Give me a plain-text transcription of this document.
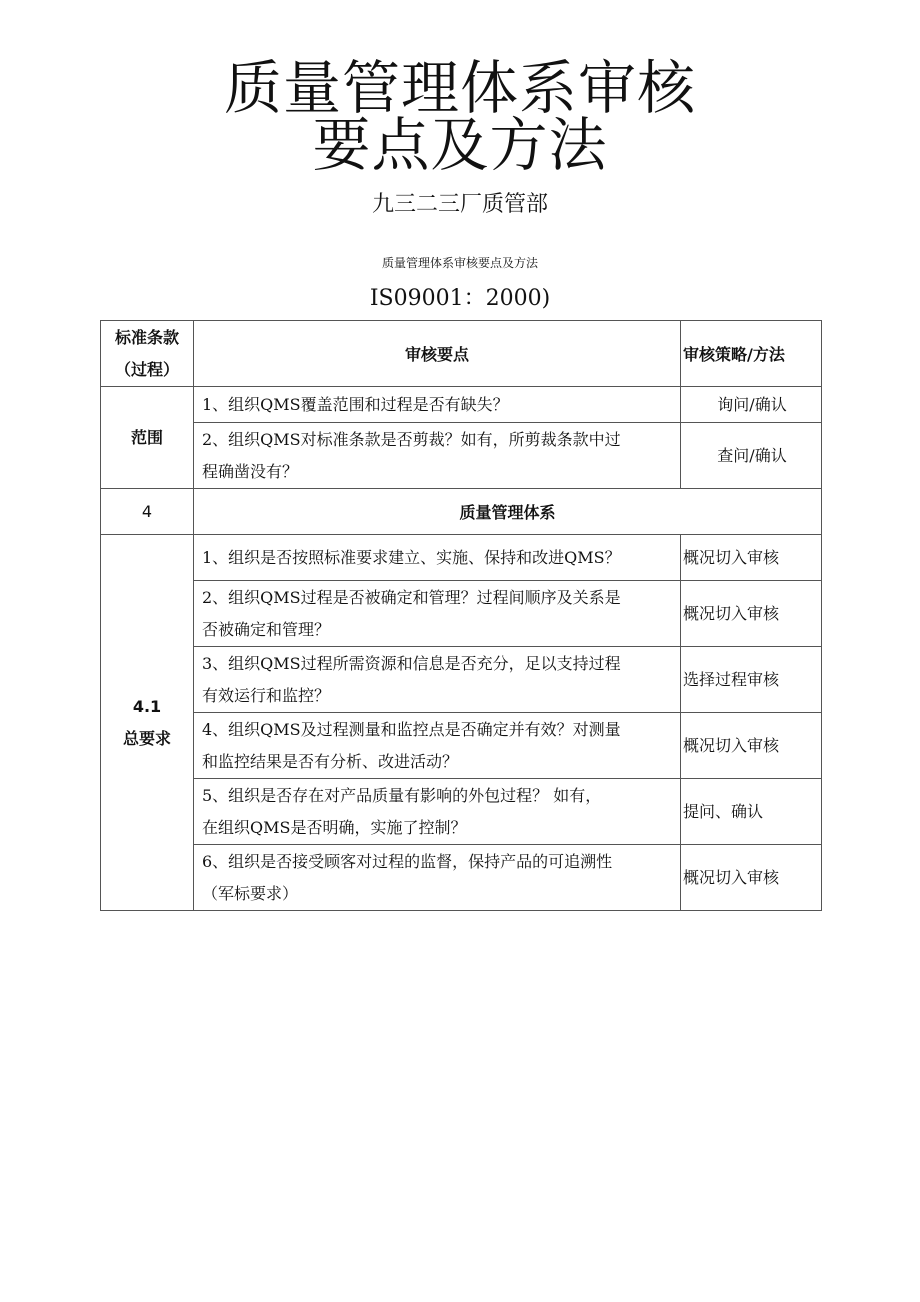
质量管理体系审核
要点及方法
九三二三厂质管部
质量管理体系审核要点及方法
IS09001：2000)
标准条款
（过程）	审核要点	审核策略/方法
范围	1、组织QMS覆盖范围和过程是否有缺失？	询问/确认

	2、组织QMS对标准条款是否剪裁？如有，所剪裁条款中过
程确凿没有？	查问/确认
4	质量管理体系	

4.1
总要求	1、组织是否按照标准要求建立、实施、保持和改进QMS？	概况切入审核

	2、组织QMS过程是否被确定和管理？过程间顺序及关系是
否被确定和管理？	概况切入审核

	3、组织QMS过程所需资源和信息是否充分，足以支持过程
有效运行和监控？	选择过程审核

	4、组织QMS及过程测量和监控点是否确定并有效？对测量
和监控结果是否有分析、改进活动？	概况切入审核

	5、组织是否存在对产品质量有影响的外包过程？ 如有，
在组织QMS是否明确，实施了控制？	提问、确认

	6、组织是否接受顾客对过程的监督，保持产品的可追溯性
（军标要求）	概况切入审核
